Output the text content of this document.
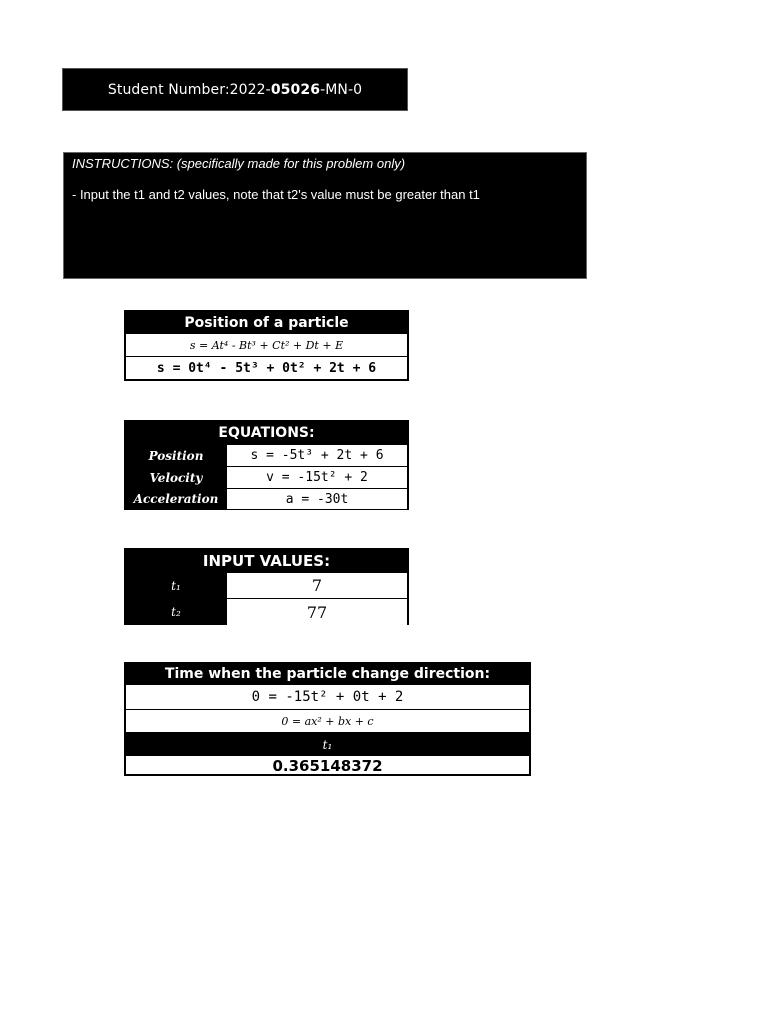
Student Number: 2022- 05026 -MN-0
INSTRUCTIONS: (specifically made for this problem only)
- Input the t1 and t2 values, note that t2's value must be greater than t1
Position of a particle
s = At⁴ - Bt³ + Ct² + Dt + E
s = 0t⁴ - 5t³ + 0t² + 2t + 6
EQUATIONS:
Position	s = -5t³ + 2t + 6
Velocity	v = -15t² + 2
Acceleration	a = -30t
INPUT VALUES:
t₁	7
t₂	77
Time when the particle change direction:
0 = -15t² + 0t + 2
0 = ax² + bx + c
t₁
0.365148372
